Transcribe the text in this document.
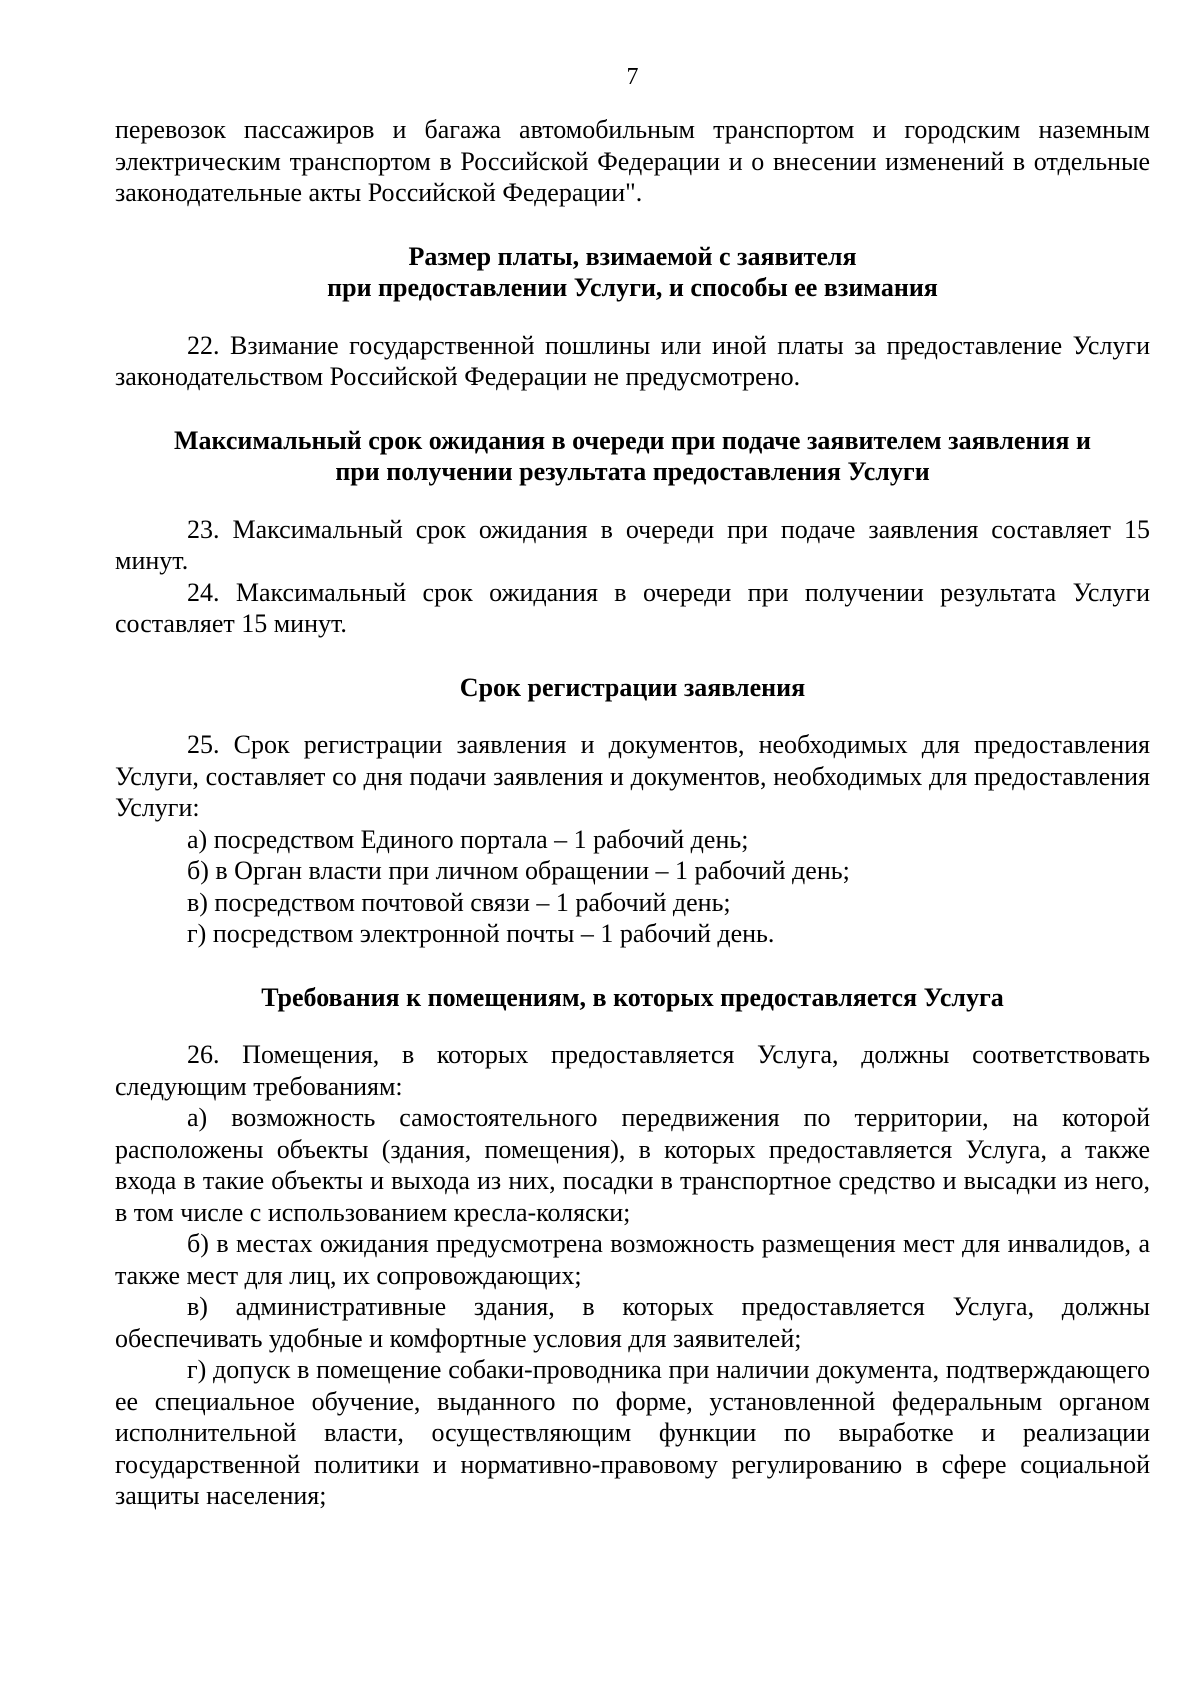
7

перевозок пассажиров и багажа автомобильным транспортом и городским наземным электрическим транспортом в Российской Федерации и о внесении изменений в отдельные законодательные акты Российской Федерации".

Размер платы, взимаемой с заявителя
при предоставлении Услуги, и способы ее взимания

22. Взимание государственной пошлины или иной платы за предоставление Услуги законодательством Российской Федерации не предусмотрено.

Максимальный срок ожидания в очереди при подаче заявителем заявления и
при получении результата предоставления Услуги

23. Максимальный срок ожидания в очереди при подаче заявления составляет 15 минут.

24. Максимальный срок ожидания в очереди при получении результата Услуги составляет 15 минут.

Срок регистрации заявления

25. Срок регистрации заявления и документов, необходимых для предоставления Услуги, составляет со дня подачи заявления и документов, необходимых для предоставления Услуги:

а) посредством Единого портала – 1 рабочий день;

б) в Орган власти при личном обращении – 1 рабочий день;

в) посредством почтовой связи – 1 рабочий день;

г) посредством электронной почты – 1 рабочий день.

Требования к помещениям, в которых предоставляется Услуга

26. Помещения, в которых предоставляется Услуга, должны соответствовать следующим требованиям:

а) возможность самостоятельного передвижения по территории, на которой расположены объекты (здания, помещения), в которых предоставляется Услуга, а также входа в такие объекты и выхода из них, посадки в транспортное средство и высадки из него, в том числе с использованием кресла-коляски;

б) в местах ожидания предусмотрена возможность размещения мест для инвалидов, а также мест для лиц, их сопровождающих;

в) административные здания, в которых предоставляется Услуга, должны обеспечивать удобные и комфортные условия для заявителей;

г) допуск в помещение собаки-проводника при наличии документа, подтверждающего ее специальное обучение, выданного по форме, установленной федеральным органом исполнительной власти, осуществляющим функции по выработке и реализации государственной политики и нормативно-правовому регулированию в сфере социальной защиты населения;
